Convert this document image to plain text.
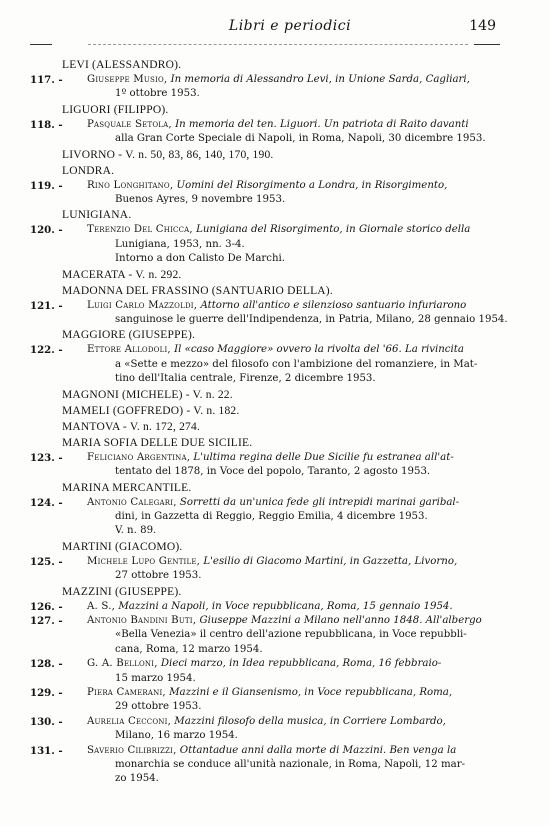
Libri e periodici	149
LEVI (ALESSANDRO).
117. -	Giuseppe Musio, In memoria di Alessandro Levi, in Unione Sarda, Cagliari,
1º ottobre 1953.
LIGUORI (FILIPPO).
118. -	Pasquale Setola, In memoria del ten. Liguori. Un patriota di Raito davanti
alla Gran Corte Speciale di Napoli, in Roma, Napoli, 30 dicembre 1953.
LIVORNO - V. n. 50, 83, 86, 140, 170, 190.
LONDRA.
119. -	Rino Longhitano, Uomini del Risorgimento a Londra, in Risorgimento,
Buenos Ayres, 9 novembre 1953.
LUNIGIANA.
120. -	Terenzio Del Chicca, Lunigiana del Risorgimento, in Giornale storico della
Lunigiana, 1953, nn. 3-4.
Intorno a don Calisto De Marchi.
MACERATA - V. n. 292.
MADONNA DEL FRASSINO (SANTUARIO DELLA).
121. -	Luigi Carlo Mazzoldi, Attorno all'antico e silenzioso santuario infuriarono
sanguinose le guerre dell'Indipendenza, in Patria, Milano, 28 gennaio 1954.
MAGGIORE (GIUSEPPE).
122. -	Ettore Allodoli, Il «caso Maggiore» ovvero la rivolta del '66. La rivincita
a «Sette e mezzo» del filosofo con l'ambizione del romanziere, in Mat-
tino dell'Italia centrale, Firenze, 2 dicembre 1953.
MAGNONI (MICHELE) - V. n. 22.
MAMELI (GOFFREDO) - V. n. 182.
MANTOVA - V. n. 172, 274.
MARIA SOFIA DELLE DUE SICILIE.
123. -	Feliciano Argentina, L'ultima regina delle Due Sicilie fu estranea all'at-
tentato del 1878, in Voce del popolo, Taranto, 2 agosto 1953.
MARINA MERCANTILE.
124. -	Antonio Calegari, Sorretti da un'unica fede gli intrepidi marinai garibal-
dini, in Gazzetta di Reggio, Reggio Emilia, 4 dicembre 1953.
V. n. 89.
MARTINI (GIACOMO).
125. -	Michele Lupo Gentile, L'esilio di Giacomo Martini, in Gazzetta, Livorno,
27 ottobre 1953.
MAZZINI (GIUSEPPE).
126. -	A. S., Mazzini a Napoli, in Voce repubblicana, Roma, 15 gennaio 1954.
127. -	Antonio Bandini Buti, Giuseppe Mazzini a Milano nell'anno 1848. All'albergo
«Bella Venezia» il centro dell'azione repubblicana, in Voce repubbli-
cana, Roma, 12 marzo 1954.
128. -	G. A. Belloni, Dieci marzo, in Idea repubblicana, Roma, 16 febbraio-
15 marzo 1954.
129. -	Piera Camerani, Mazzini e il Giansenismo, in Voce repubblicana, Roma,
29 ottobre 1953.
130. -	Aurelia Cecconi, Mazzini filosofo della musica, in Corriere Lombardo,
Milano, 16 marzo 1954.
131. -	Saverio Cilibrizzi, Ottantadue anni dalla morte di Mazzini. Ben venga la
monarchia se conduce all'unità nazionale, in Roma, Napoli, 12 mar-
zo 1954.
